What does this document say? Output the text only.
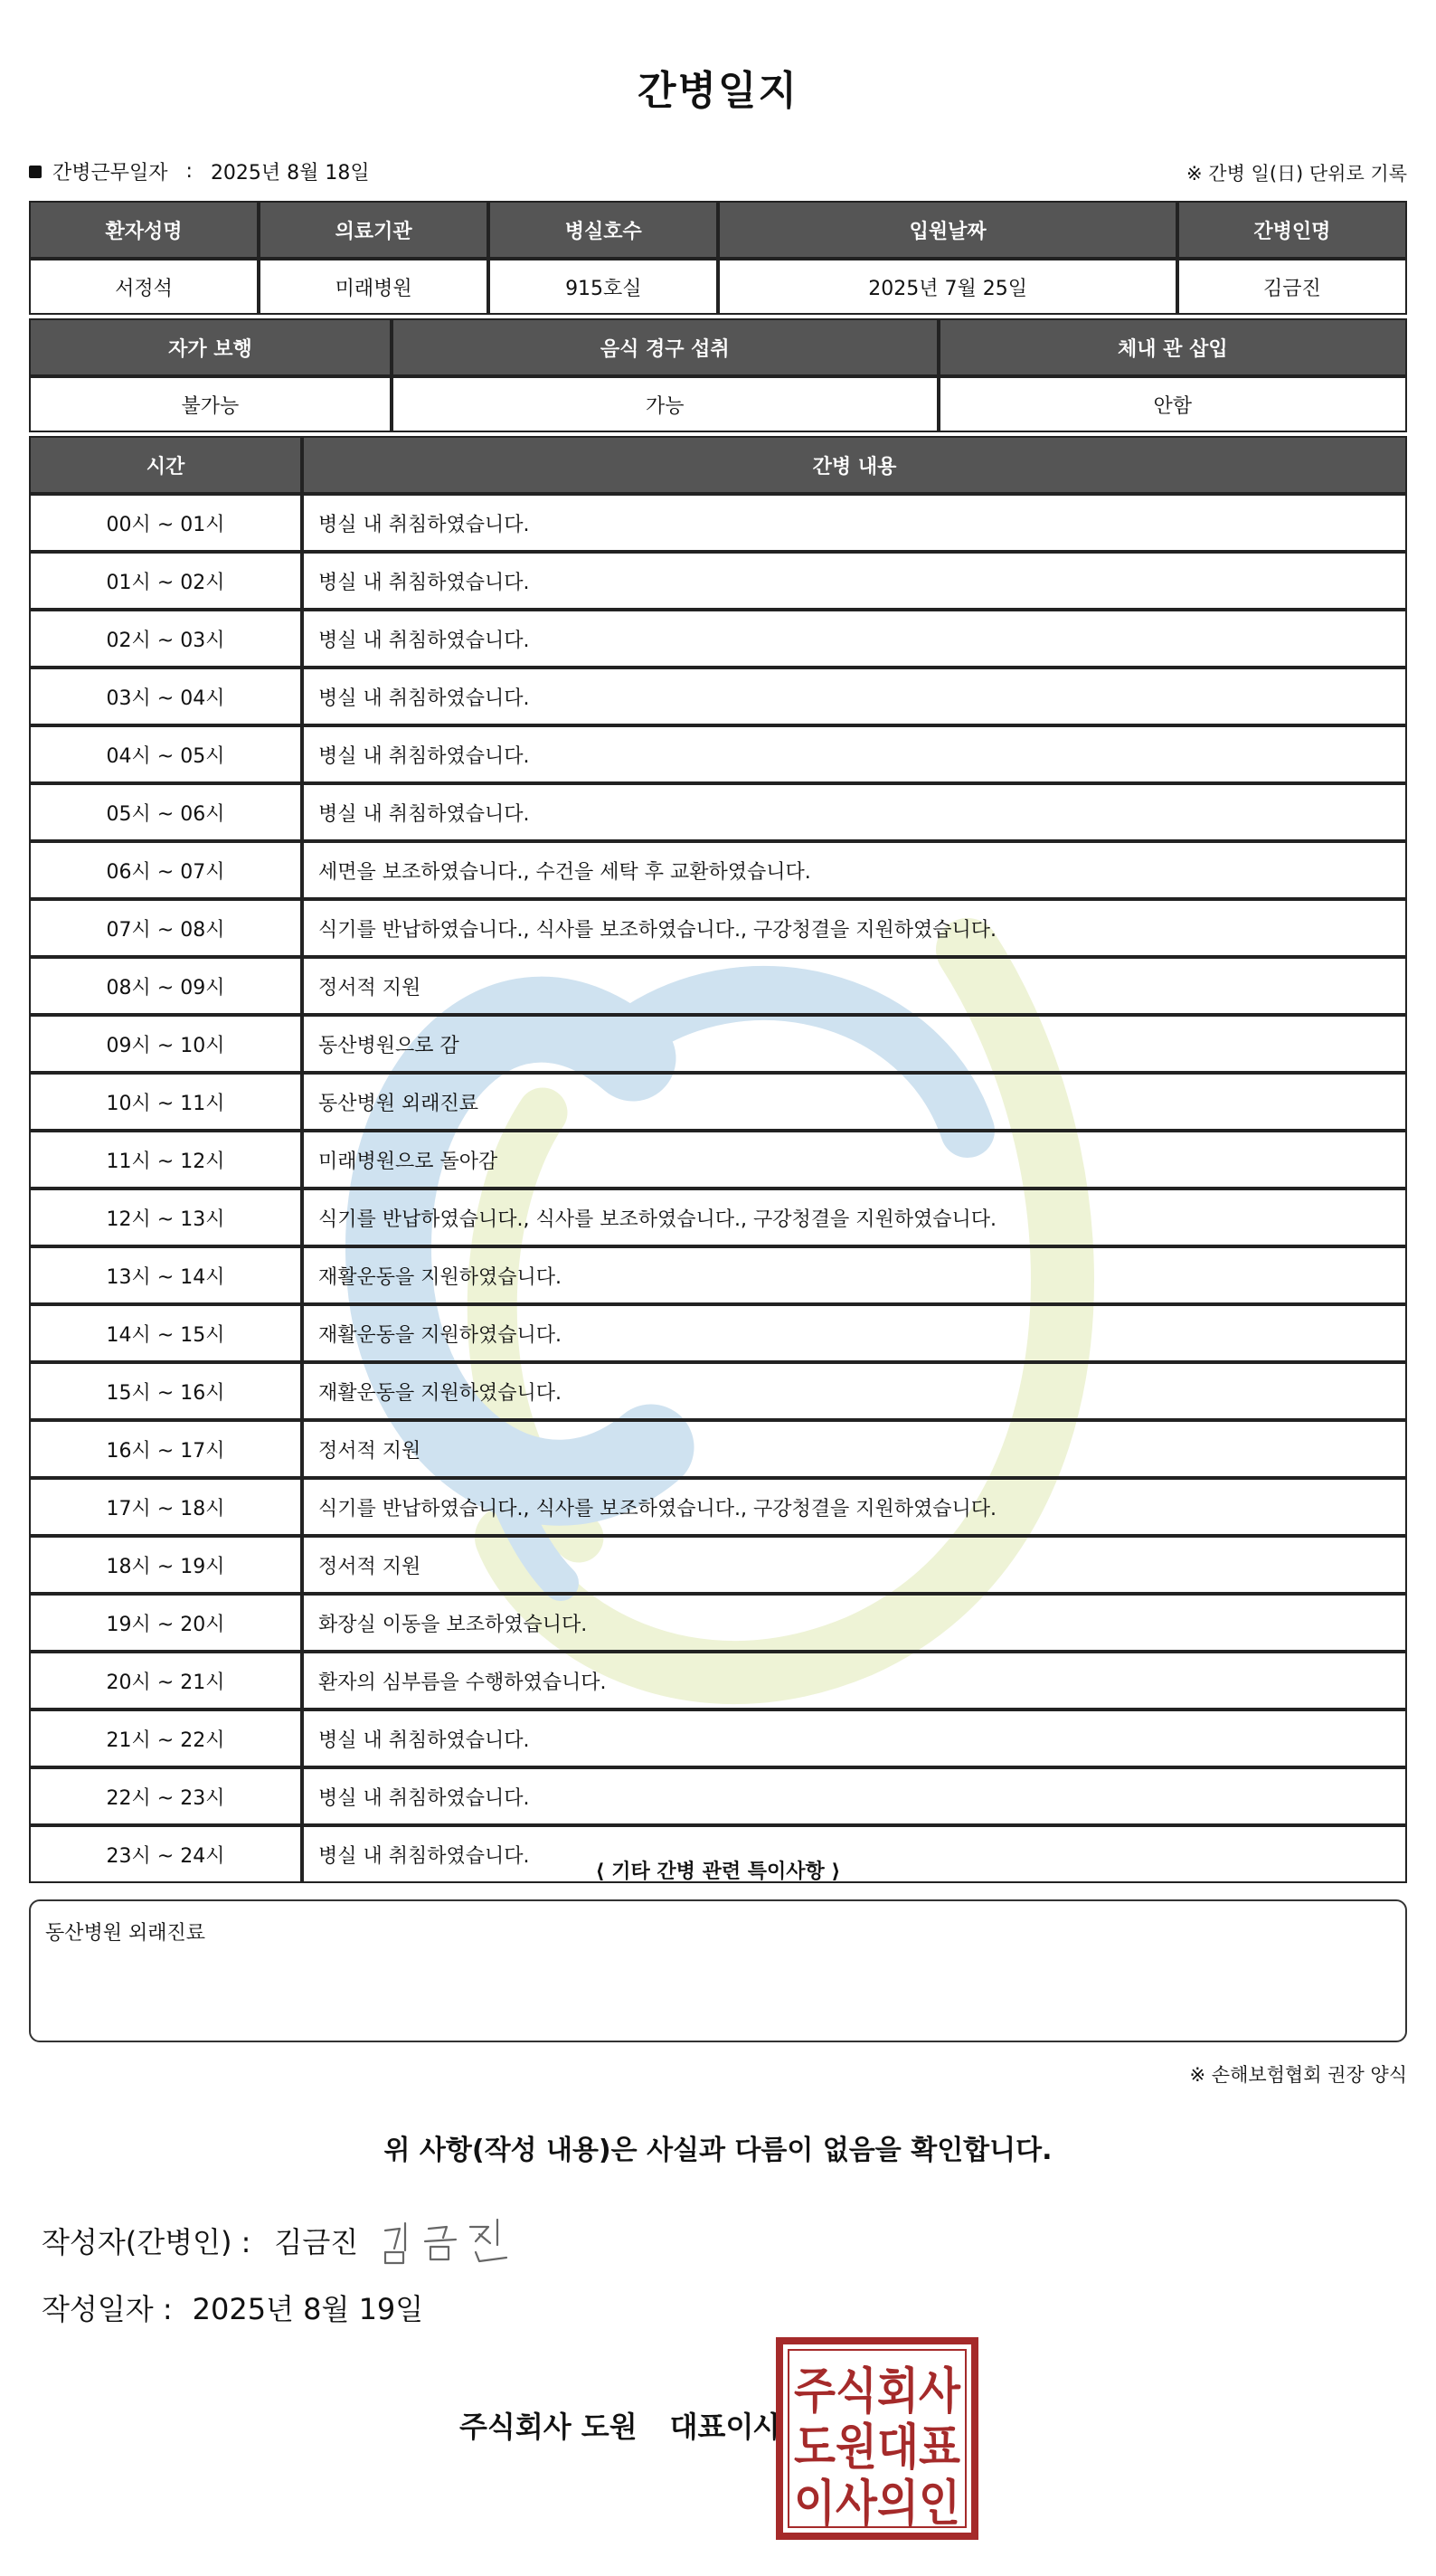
간병일지
간병근무일자 : 2025년 8월 18일	※ 간병 일(日) 단위로 기록
환자성명	의료기관	병실호수	입원날짜	간병인명
서정석	미래병원	915호실	2025년 7월 25일	김금진
자가 보행	음식 경구 섭취	체내 관 삽입
불가능	가능	안함
시간	간병 내용
00시 ~ 01시	병실 내 취침하였습니다.
01시 ~ 02시	병실 내 취침하였습니다.
02시 ~ 03시	병실 내 취침하였습니다.
03시 ~ 04시	병실 내 취침하였습니다.
04시 ~ 05시	병실 내 취침하였습니다.
05시 ~ 06시	병실 내 취침하였습니다.
06시 ~ 07시	세면을 보조하였습니다., 수건을 세탁 후 교환하였습니다.
07시 ~ 08시	식기를 반납하였습니다., 식사를 보조하였습니다., 구강청결을 지원하였습니다.
08시 ~ 09시	정서적 지원
09시 ~ 10시	동산병원으로 감
10시 ~ 11시	동산병원 외래진료
11시 ~ 12시	미래병원으로 돌아감
12시 ~ 13시	식기를 반납하였습니다., 식사를 보조하였습니다., 구강청결을 지원하였습니다.
13시 ~ 14시	재활운동을 지원하였습니다.
14시 ~ 15시	재활운동을 지원하였습니다.
15시 ~ 16시	재활운동을 지원하였습니다.
16시 ~ 17시	정서적 지원
17시 ~ 18시	식기를 반납하였습니다., 식사를 보조하였습니다., 구강청결을 지원하였습니다.
18시 ~ 19시	정서적 지원
19시 ~ 20시	화장실 이동을 보조하였습니다.
20시 ~ 21시	환자의 심부름을 수행하였습니다.
21시 ~ 22시	병실 내 취침하였습니다.
22시 ~ 23시	병실 내 취침하였습니다.
23시 ~ 24시	병실 내 취침하였습니다.
⟨ 기타 간병 관련 특이사항 ⟩
동산병원 외래진료
※ 손해보험협회 권장 양식
위 사항(작성 내용)은 사실과 다름이 없음을 확인합니다.
작성자(간병인) : 김금진
작성일자 : 2025년 8월 19일
주식회사 도원 대표이사
주식회사
도원대표
이사의인
